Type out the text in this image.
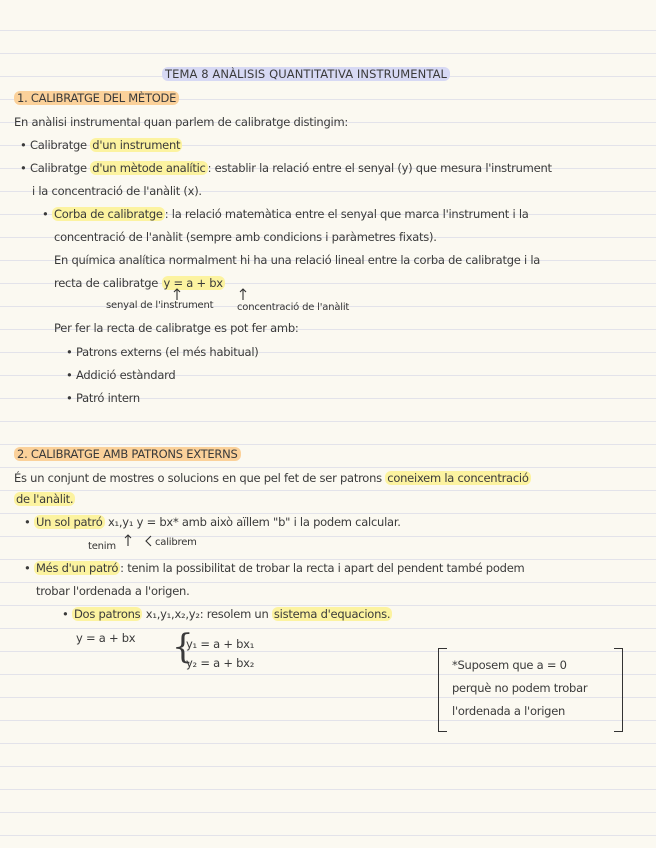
TEMA 8 ANÀLISIS QUANTITATIVA INSTRUMENTAL
1. CALIBRATGE DEL MÈTODE
En anàlisi instrumental quan parlem de calibratge distingim:
• Calibratge d'un instrument
• Calibratge d'un mètode analític : establir la relació entre el senyal (y) que mesura l'instrument
i la concentració de l'anàlit (x).
• Corba de calibratge : la relació matemàtica entre el senyal que marca l'instrument i la
concentració de l'anàlit (sempre amb condicions i paràmetres fixats).
En química analítica normalment hi ha una relació lineal entre la corba de calibratge i la
recta de calibratge y = a + bx
senyal de l'instrument concentració de l'anàlit
Per fer la recta de calibratge es pot fer amb:
• Patrons externs (el més habitual)
• Addició estàndard
• Patró intern
2. CALIBRATGE AMB PATRONS EXTERNS
És un conjunt de mostres o solucions en que pel fet de ser patrons coneixem la concentració
de l'anàlit.
• Un sol patró x₁,y₁ y = bx* amb això aïllem "b" i la podem calcular.
tenim	calibrem
• Més d'un patró : tenim la possibilitat de trobar la recta i apart del pendent també podem
trobar l'ordenada a l'origen.
• Dos patrons x₁,y₁,x₂,y₂: resolem un sistema d'equacions.
y = a + bx {
y₁ = a + bx₁
y₂ = a + bx₂	*Suposem que a = 0
perquè no podem trobar
l'ordenada a l'origen
